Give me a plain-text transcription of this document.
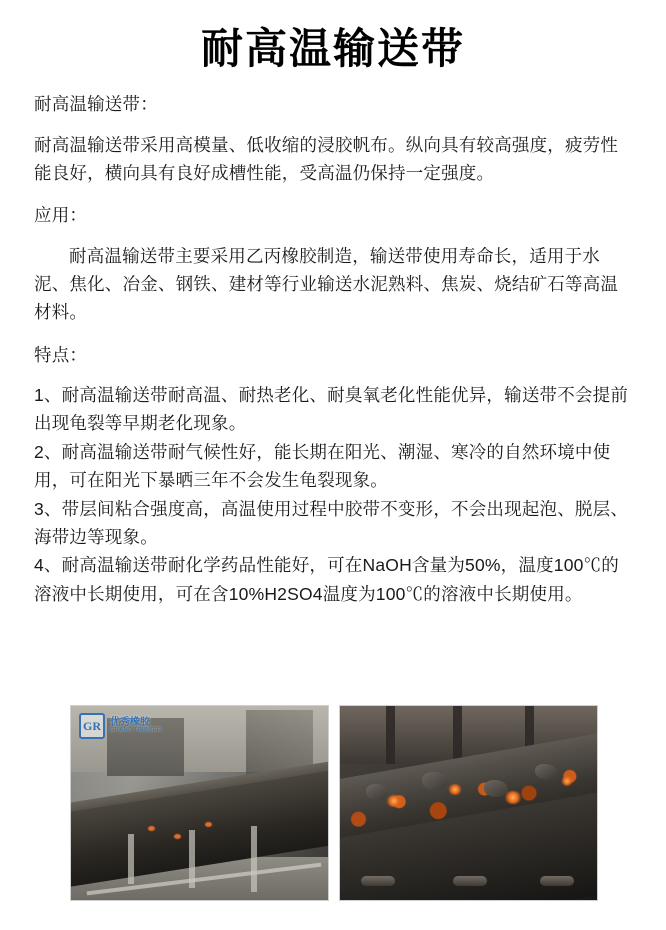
耐高温输送带

耐高温输送带：

耐高温输送带采用高模量、低收缩的浸胶帆布。纵向具有较高强度，疲劳性能良好，横向具有良好成槽性能，受高温仍保持一定强度。

应用：

耐高温输送带主要采用乙丙橡胶制造，输送带使用寿命长，适用于水泥、焦化、冶金、钢铁、建材等行业输送水泥熟料、焦炭、烧结矿石等高温材料。

特点：

1、耐高温输送带耐高温、耐热老化、耐臭氧老化性能优异，输送带不会提前出现龟裂等早期老化现象。

2、耐高温输送带耐气候性好，能长期在阳光、潮湿、寒冷的自然环境中使用，可在阳光下暴晒三年不会发生龟裂现象。

3、带层间粘合强度高，高温使用过程中胶带不变形，不会出现起泡、脱层、海带边等现象。

4、耐高温输送带耐化学药品性能好，可在NaOH含量为50%，温度100℃的溶液中长期使用，可在含10%H2SO4温度为100℃的溶液中长期使用。

GR 优秀橡胶
GRAND RUBBER
